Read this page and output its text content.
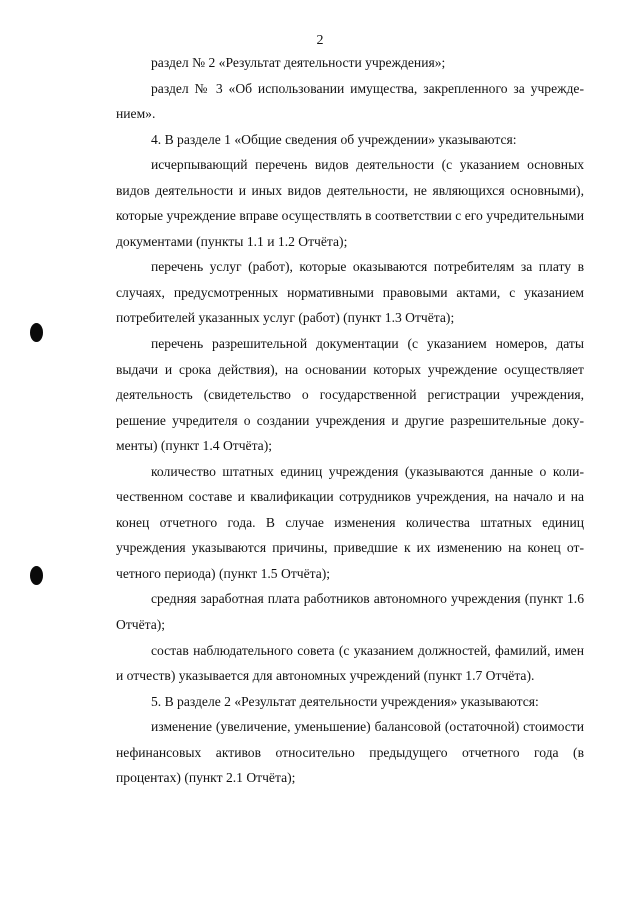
2

раздел № 2 «Результат деятельности учреждения»;

раздел № 3 «Об использовании имущества, закрепленного за учреждением».

4. В разделе 1 «Общие сведения об учреждении» указываются:

исчерпывающий перечень видов деятельности (с указанием основных видов деятельности и иных видов деятельности, не являющихся основными), которые учреждение вправе осуществлять в соответствии с его учредительными документами (пункты 1.1 и 1.2 Отчёта);

перечень услуг (работ), которые оказываются потребителям за плату в случаях, предусмотренных нормативными правовыми актами, с указанием потребителей указанных услуг (работ) (пункт 1.3 Отчёта);

перечень разрешительной документации (с указанием номеров, даты выдачи и срока действия), на основании которых учреждение осуществляет деятельность (свидетельство о государственной регистрации учреждения, решение учредителя о создании учреждения и другие разрешительные документы) (пункт 1.4 Отчёта);

количество штатных единиц учреждения (указываются данные о количественном составе и квалификации сотрудников учреждения, на начало и на конец отчетного года. В случае изменения количества штатных единиц учреждения указываются причины, приведшие к их изменению на конец отчетного периода) (пункт 1.5 Отчёта);

средняя заработная плата работников автономного учреждения (пункт 1.6 Отчёта);

состав наблюдательного совета (с указанием должностей, фамилий, имен и отчеств) указывается для автономных учреждений (пункт 1.7 Отчёта).

5. В разделе 2 «Результат деятельности учреждения» указываются:

изменение (увеличение, уменьшение) балансовой (остаточной) стоимости нефинансовых активов относительно предыдущего отчетного года (в процентах) (пункт 2.1 Отчёта);
